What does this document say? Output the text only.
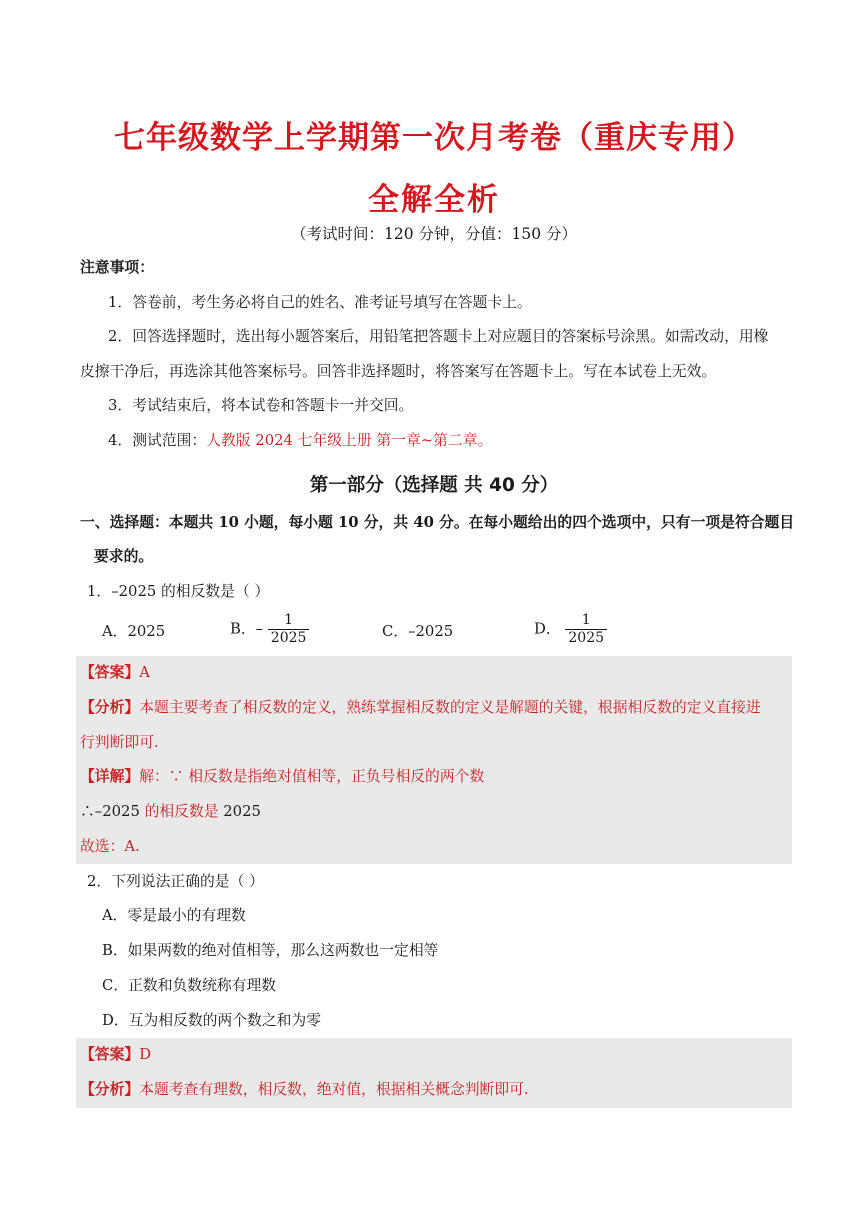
七年级数学上学期第一次月考卷（重庆专用）
全解全析
（考试时间：120 分钟，分值：150 分）
注意事项：
1．答卷前，考生务必将自己的姓名、准考证号填写在答题卡上。
2．回答选择题时，选出每小题答案后，用铅笔把答题卡上对应题目的答案标号涂黑。如需改动，用橡
皮擦干净后，再选涂其他答案标号。回答非选择题时，将答案写在答题卡上。写在本试卷上无效。
3．考试结束后，将本试卷和答题卡一并交回。
4．测试范围：人教版 2024 七年级上册 第一章~第二章。
第一部分（选择题 共 40 分）
一、选择题：本题共 10 小题，每小题 10 分，共 40 分。在每小题给出的四个选项中，只有一项是符合题目
要求的。
1．–2025 的相反数是（ ）
A．2025	B．– $\frac{1}{2025}$	C．–2025	D． $\frac{1}{2025}$
【答案】A
【分析】本题主要考查了相反数的定义，熟练掌握相反数的定义是解题的关键，根据相反数的定义直接进
行判断即可.
【详解】解：∵ 相反数是指绝对值相等，正负号相反的两个数
∴–2025 的相反数是 2025
故选：A.
2．下列说法正确的是（ ）
A．零是最小的有理数
B．如果两数的绝对值相等，那么这两数也一定相等
C．正数和负数统称有理数
D．互为相反数的两个数之和为零
【答案】D
【分析】本题考查有理数，相反数，绝对值，根据相关概念判断即可.
